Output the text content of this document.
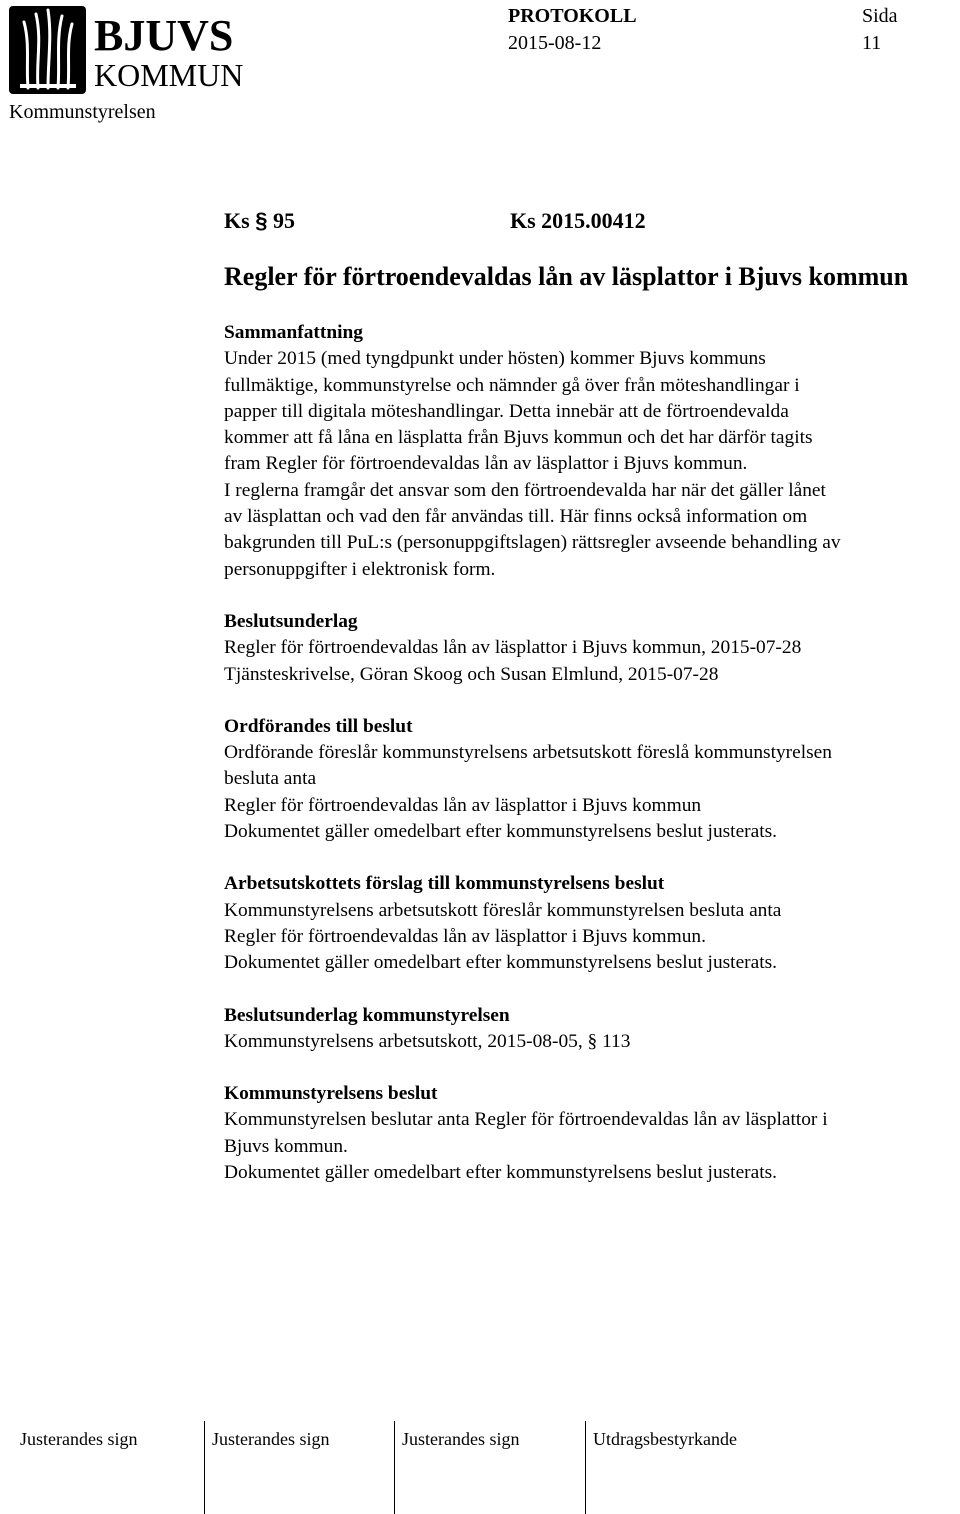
BJUVS
KOMMUN
Kommunstyrelsen
PROTOKOLL
2015-08-12
Sida
11
Ks § 95	Ks 2015.00412
Regler för förtroendevaldas lån av läsplattor i Bjuvs kommun
Sammanfattning
Under 2015 (med tyngdpunkt under hösten) kommer Bjuvs kommuns
fullmäktige, kommunstyrelse och nämnder gå över från möteshandlingar i
papper till digitala möteshandlingar. Detta innebär att de förtroendevalda
kommer att få låna en läsplatta från Bjuvs kommun och det har därför tagits
fram Regler för förtroendevaldas lån av läsplattor i Bjuvs kommun.
I reglerna framgår det ansvar som den förtroendevalda har när det gäller lånet
av läsplattan och vad den får användas till. Här finns också information om
bakgrunden till PuL:s (personuppgiftslagen) rättsregler avseende behandling av
personuppgifter i elektronisk form.
Beslutsunderlag
Regler för förtroendevaldas lån av läsplattor i Bjuvs kommun, 2015-07-28
Tjänsteskrivelse, Göran Skoog och Susan Elmlund, 2015-07-28
Ordförandes till beslut
Ordförande föreslår kommunstyrelsens arbetsutskott föreslå kommunstyrelsen
besluta anta
Regler för förtroendevaldas lån av läsplattor i Bjuvs kommun
Dokumentet gäller omedelbart efter kommunstyrelsens beslut justerats.
Arbetsutskottets förslag till kommunstyrelsens beslut
Kommunstyrelsens arbetsutskott föreslår kommunstyrelsen besluta anta
Regler för förtroendevaldas lån av läsplattor i Bjuvs kommun.
Dokumentet gäller omedelbart efter kommunstyrelsens beslut justerats.
Beslutsunderlag kommunstyrelsen
Kommunstyrelsens arbetsutskott, 2015-08-05, § 113
Kommunstyrelsens beslut
Kommunstyrelsen beslutar anta Regler för förtroendevaldas lån av läsplattor i
Bjuvs kommun.
Dokumentet gäller omedelbart efter kommunstyrelsens beslut justerats.
Justerandes sign	Justerandes sign	Justerandes sign	Utdragsbestyrkande
